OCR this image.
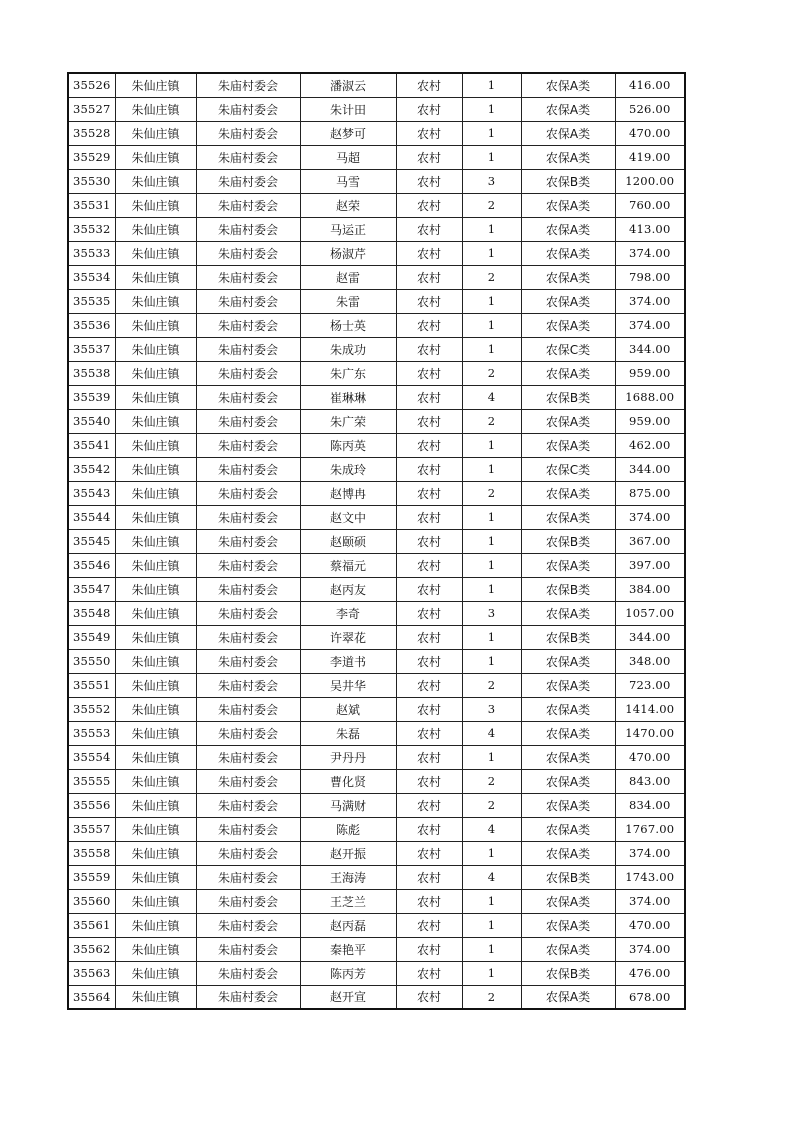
35526	朱仙庄镇	朱庙村委会	潘淑云	农村	1	农保A类	416.00
35527	朱仙庄镇	朱庙村委会	朱计田	农村	1	农保A类	526.00
35528	朱仙庄镇	朱庙村委会	赵梦可	农村	1	农保A类	470.00
35529	朱仙庄镇	朱庙村委会	马超	农村	1	农保A类	419.00
35530	朱仙庄镇	朱庙村委会	马雪	农村	3	农保B类	1200.00
35531	朱仙庄镇	朱庙村委会	赵荣	农村	2	农保A类	760.00
35532	朱仙庄镇	朱庙村委会	马运正	农村	1	农保A类	413.00
35533	朱仙庄镇	朱庙村委会	杨淑芹	农村	1	农保A类	374.00
35534	朱仙庄镇	朱庙村委会	赵雷	农村	2	农保A类	798.00
35535	朱仙庄镇	朱庙村委会	朱雷	农村	1	农保A类	374.00
35536	朱仙庄镇	朱庙村委会	杨士英	农村	1	农保A类	374.00
35537	朱仙庄镇	朱庙村委会	朱成功	农村	1	农保C类	344.00
35538	朱仙庄镇	朱庙村委会	朱广东	农村	2	农保A类	959.00
35539	朱仙庄镇	朱庙村委会	崔琳琳	农村	4	农保B类	1688.00
35540	朱仙庄镇	朱庙村委会	朱广荣	农村	2	农保A类	959.00
35541	朱仙庄镇	朱庙村委会	陈丙英	农村	1	农保A类	462.00
35542	朱仙庄镇	朱庙村委会	朱成玲	农村	1	农保C类	344.00
35543	朱仙庄镇	朱庙村委会	赵博冉	农村	2	农保A类	875.00
35544	朱仙庄镇	朱庙村委会	赵文中	农村	1	农保A类	374.00
35545	朱仙庄镇	朱庙村委会	赵颐硕	农村	1	农保B类	367.00
35546	朱仙庄镇	朱庙村委会	蔡福元	农村	1	农保A类	397.00
35547	朱仙庄镇	朱庙村委会	赵丙友	农村	1	农保B类	384.00
35548	朱仙庄镇	朱庙村委会	李奇	农村	3	农保A类	1057.00
35549	朱仙庄镇	朱庙村委会	许翠花	农村	1	农保B类	344.00
35550	朱仙庄镇	朱庙村委会	李道书	农村	1	农保A类	348.00
35551	朱仙庄镇	朱庙村委会	吴井华	农村	2	农保A类	723.00
35552	朱仙庄镇	朱庙村委会	赵斌	农村	3	农保A类	1414.00
35553	朱仙庄镇	朱庙村委会	朱磊	农村	4	农保A类	1470.00
35554	朱仙庄镇	朱庙村委会	尹丹丹	农村	1	农保A类	470.00
35555	朱仙庄镇	朱庙村委会	曹化贤	农村	2	农保A类	843.00
35556	朱仙庄镇	朱庙村委会	马满财	农村	2	农保A类	834.00
35557	朱仙庄镇	朱庙村委会	陈彪	农村	4	农保A类	1767.00
35558	朱仙庄镇	朱庙村委会	赵开振	农村	1	农保A类	374.00
35559	朱仙庄镇	朱庙村委会	王海涛	农村	4	农保B类	1743.00
35560	朱仙庄镇	朱庙村委会	王芝兰	农村	1	农保A类	374.00
35561	朱仙庄镇	朱庙村委会	赵丙磊	农村	1	农保A类	470.00
35562	朱仙庄镇	朱庙村委会	秦艳平	农村	1	农保A类	374.00
35563	朱仙庄镇	朱庙村委会	陈丙芳	农村	1	农保B类	476.00
35564	朱仙庄镇	朱庙村委会	赵开宣	农村	2	农保A类	678.00
